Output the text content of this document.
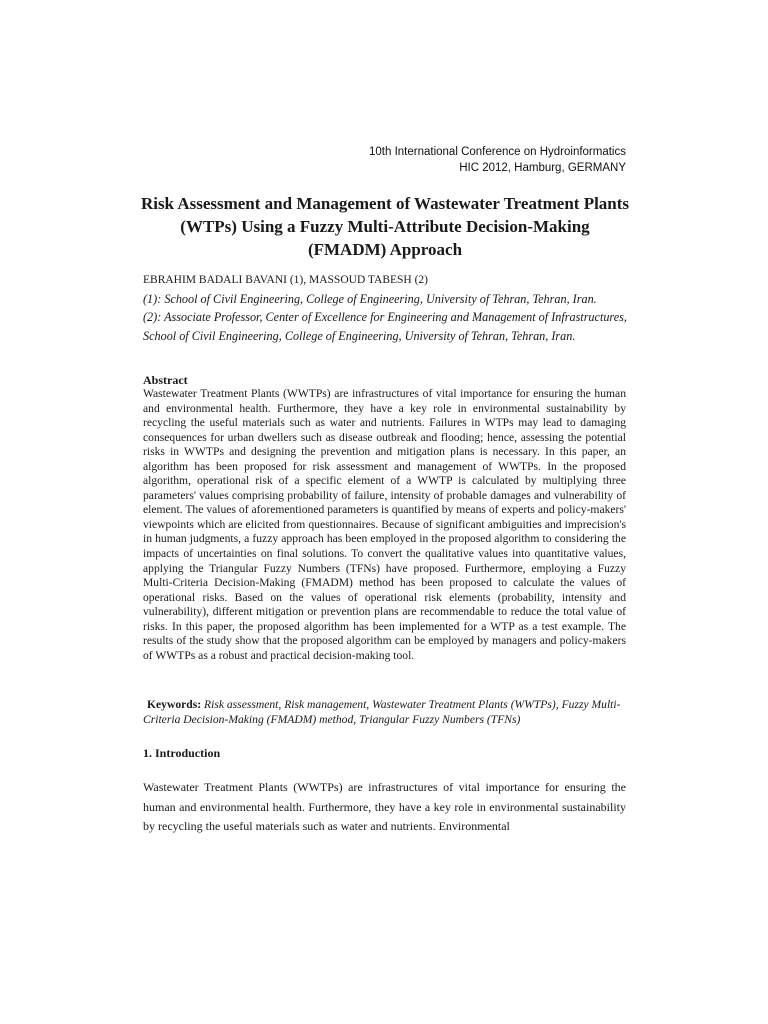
10th International Conference on Hydroinformatics
HIC 2012, Hamburg, GERMANY
Risk Assessment and Management of Wastewater Treatment Plants (WTPs) Using a Fuzzy Multi-Attribute Decision-Making (FMADM) Approach
EBRAHIM BADALI BAVANI (1), MASSOUD TABESH (2)
(1): School of Civil Engineering, College of Engineering, University of Tehran, Tehran, Iran.
(2): Associate Professor, Center of Excellence for Engineering and Management of Infrastructures, School of Civil Engineering, College of Engineering, University of Tehran, Tehran, Iran.
Abstract
Wastewater Treatment Plants (WWTPs) are infrastructures of vital importance for ensuring the human and environmental health. Furthermore, they have a key role in environmental sustainability by recycling the useful materials such as water and nutrients. Failures in WTPs may lead to damaging consequences for urban dwellers such as disease outbreak and flooding; hence, assessing the potential risks in WWTPs and designing the prevention and mitigation plans is necessary. In this paper, an algorithm has been proposed for risk assessment and management of WWTPs. In the proposed algorithm, operational risk of a specific element of a WWTP is calculated by multiplying three parameters' values comprising probability of failure, intensity of probable damages and vulnerability of element. The values of aforementioned parameters is quantified by means of experts and policy-makers' viewpoints which are elicited from questionnaires. Because of significant ambiguities and imprecision's in human judgments, a fuzzy approach has been employed in the proposed algorithm to considering the impacts of uncertainties on final solutions. To convert the qualitative values into quantitative values, applying the Triangular Fuzzy Numbers (TFNs) have proposed. Furthermore, employing a Fuzzy Multi-Criteria Decision-Making (FMADM) method has been proposed to calculate the values of operational risks. Based on the values of operational risk elements (probability, intensity and vulnerability), different mitigation or prevention plans are recommendable to reduce the total value of risks. In this paper, the proposed algorithm has been implemented for a WTP as a test example. The results of the study show that the proposed algorithm can be employed by managers and policy-makers of WWTPs as a robust and practical decision-making tool.
Keywords: Risk assessment, Risk management, Wastewater Treatment Plants (WWTPs), Fuzzy Multi-Criteria Decision-Making (FMADM) method, Triangular Fuzzy Numbers (TFNs)
1. Introduction
Wastewater Treatment Plants (WWTPs) are infrastructures of vital importance for ensuring the human and environmental health. Furthermore, they have a key role in environmental sustainability by recycling the useful materials such as water and nutrients. Environmental
